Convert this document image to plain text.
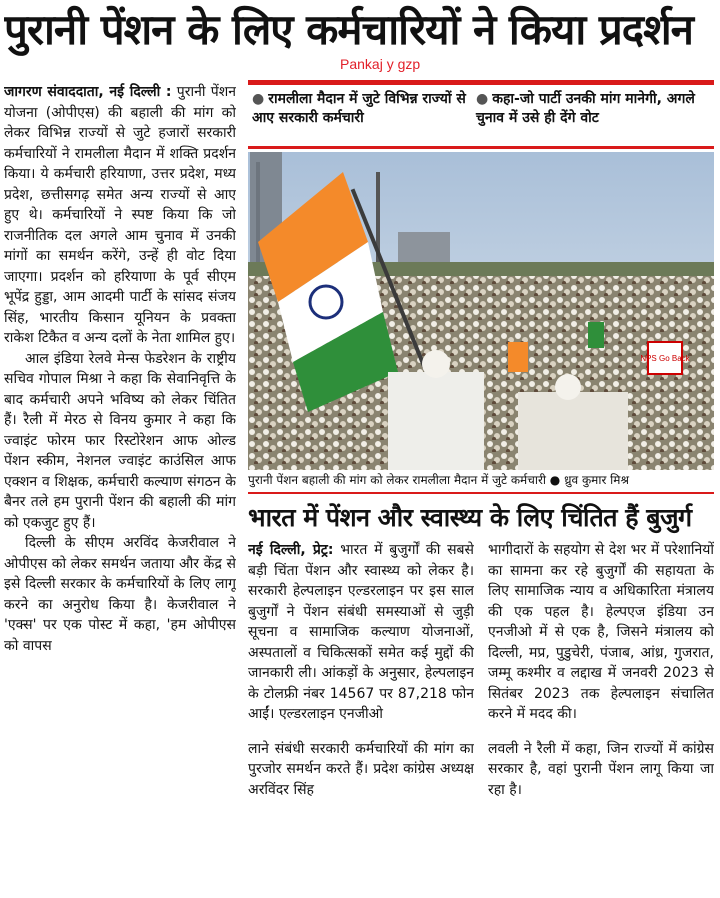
पुरानी पेंशन के लिए कर्मचारियों ने किया प्रदर्शन
Pankaj y gzp

जागरण संवाददाता, नई दिल्ली : पुरानी पेंशन योजना (ओपीएस) की बहाली की मांग को लेकर विभिन्न राज्यों से जुटे हजारों सरकारी कर्मचारियों ने रामलीला मैदान में शक्ति प्रदर्शन किया। ये कर्मचारी हरियाणा, उत्तर प्रदेश, मध्य प्रदेश, छत्तीसगढ़ समेत अन्य राज्यों से आए हुए थे। कर्मचारियों ने स्पष्ट किया कि जो राजनीतिक दल अगले आम चुनाव में उनकी मांगों का समर्थन करेंगे, उन्हें ही वोट दिया जाएगा। प्रदर्शन को हरियाणा के पूर्व सीएम भूपेंद्र हुड्डा, आम आदमी पार्टी के सांसद संजय सिंह, भारतीय किसान यूनियन के प्रवक्ता राकेश टिकैत व अन्य दलों के नेता शामिल हुए।

आल इंडिया रेलवे मेन्स फेडरेशन के राष्ट्रीय सचिव गोपाल मिश्रा ने कहा कि सेवानिवृत्ति के बाद कर्मचारी अपने भविष्य को लेकर चिंतित हैं। रैली में मेरठ से विनय कुमार ने कहा कि ज्वाइंट फोरम फार रिस्टोरेशन आफ ओल्ड पेंशन स्कीम, नेशनल ज्वाइंट काउंसिल आफ एक्शन व शिक्षक, कर्मचारी कल्याण संगठन के बैनर तले हम पुरानी पेंशन की बहाली की मांग को एकजुट हुए हैं।

दिल्ली के सीएम अरविंद केजरीवाल ने ओपीएस को लेकर समर्थन जताया और केंद्र से इसे दिल्ली सरकार के कर्मचारियों के लिए लागू करने का अनुरोध किया है। केजरीवाल ने 'एक्स' पर एक पोस्ट में कहा, 'हम ओपीएस को वापस

● रामलीला मैदान में जुटे विभिन्न राज्यों से आए सरकारी कर्मचारी
● कहा-जो पार्टी उनकी मांग मानेगी, अगले चुनाव में उसे ही देंगे वोट
NPS Go Back
पुरानी पेंशन बहाली की मांग को लेकर रामलीला मैदान में जुटे कर्मचारी ● ध्रुव कुमार मिश्र
भारत में पेंशन और स्वास्थ्य के लिए चिंतित हैं बुजुर्ग

नई दिल्ली, प्रेट्र: भारत में बुजुर्गों की सबसे बड़ी चिंता पेंशन और स्वास्थ्य को लेकर है। सरकारी हेल्पलाइन एल्डरलाइन पर इस साल बुजुर्गों ने पेंशन संबंधी समस्याओं से जुड़ी सूचना व सामाजिक कल्याण योजनाओं, अस्पतालों व चिकित्सकों समेत कई मुद्दों की जानकारी ली। आंकड़ों के अनुसार, हेल्पलाइन के टोलफ्री नंबर 14567 पर 87,218 फोन आईं। एल्डरलाइन एनजीओ

लाने संबंधी सरकारी कर्मचारियों की मांग का पुरजोर समर्थन करते हैं। प्रदेश कांग्रेस अध्यक्ष अरविंदर सिंह

भागीदारों के सहयोग से देश भर में परेशानियों का सामना कर रहे बुजुर्गों की सहायता के लिए सामाजिक न्याय व अधिकारिता मंत्रालय की एक पहल है। हेल्पएज इंडिया उन एनजीओ में से एक है, जिसने मंत्रालय को दिल्ली, मप्र, पुडुचेरी, पंजाब, आंध्र, गुजरात, जम्मू कश्मीर व लद्दाख में जनवरी 2023 से सितंबर 2023 तक हेल्पलाइन संचालित करने में मदद की।

लवली ने रैली में कहा, जिन राज्यों में कांग्रेस सरकार है, वहां पुरानी पेंशन लागू किया जा रहा है।
